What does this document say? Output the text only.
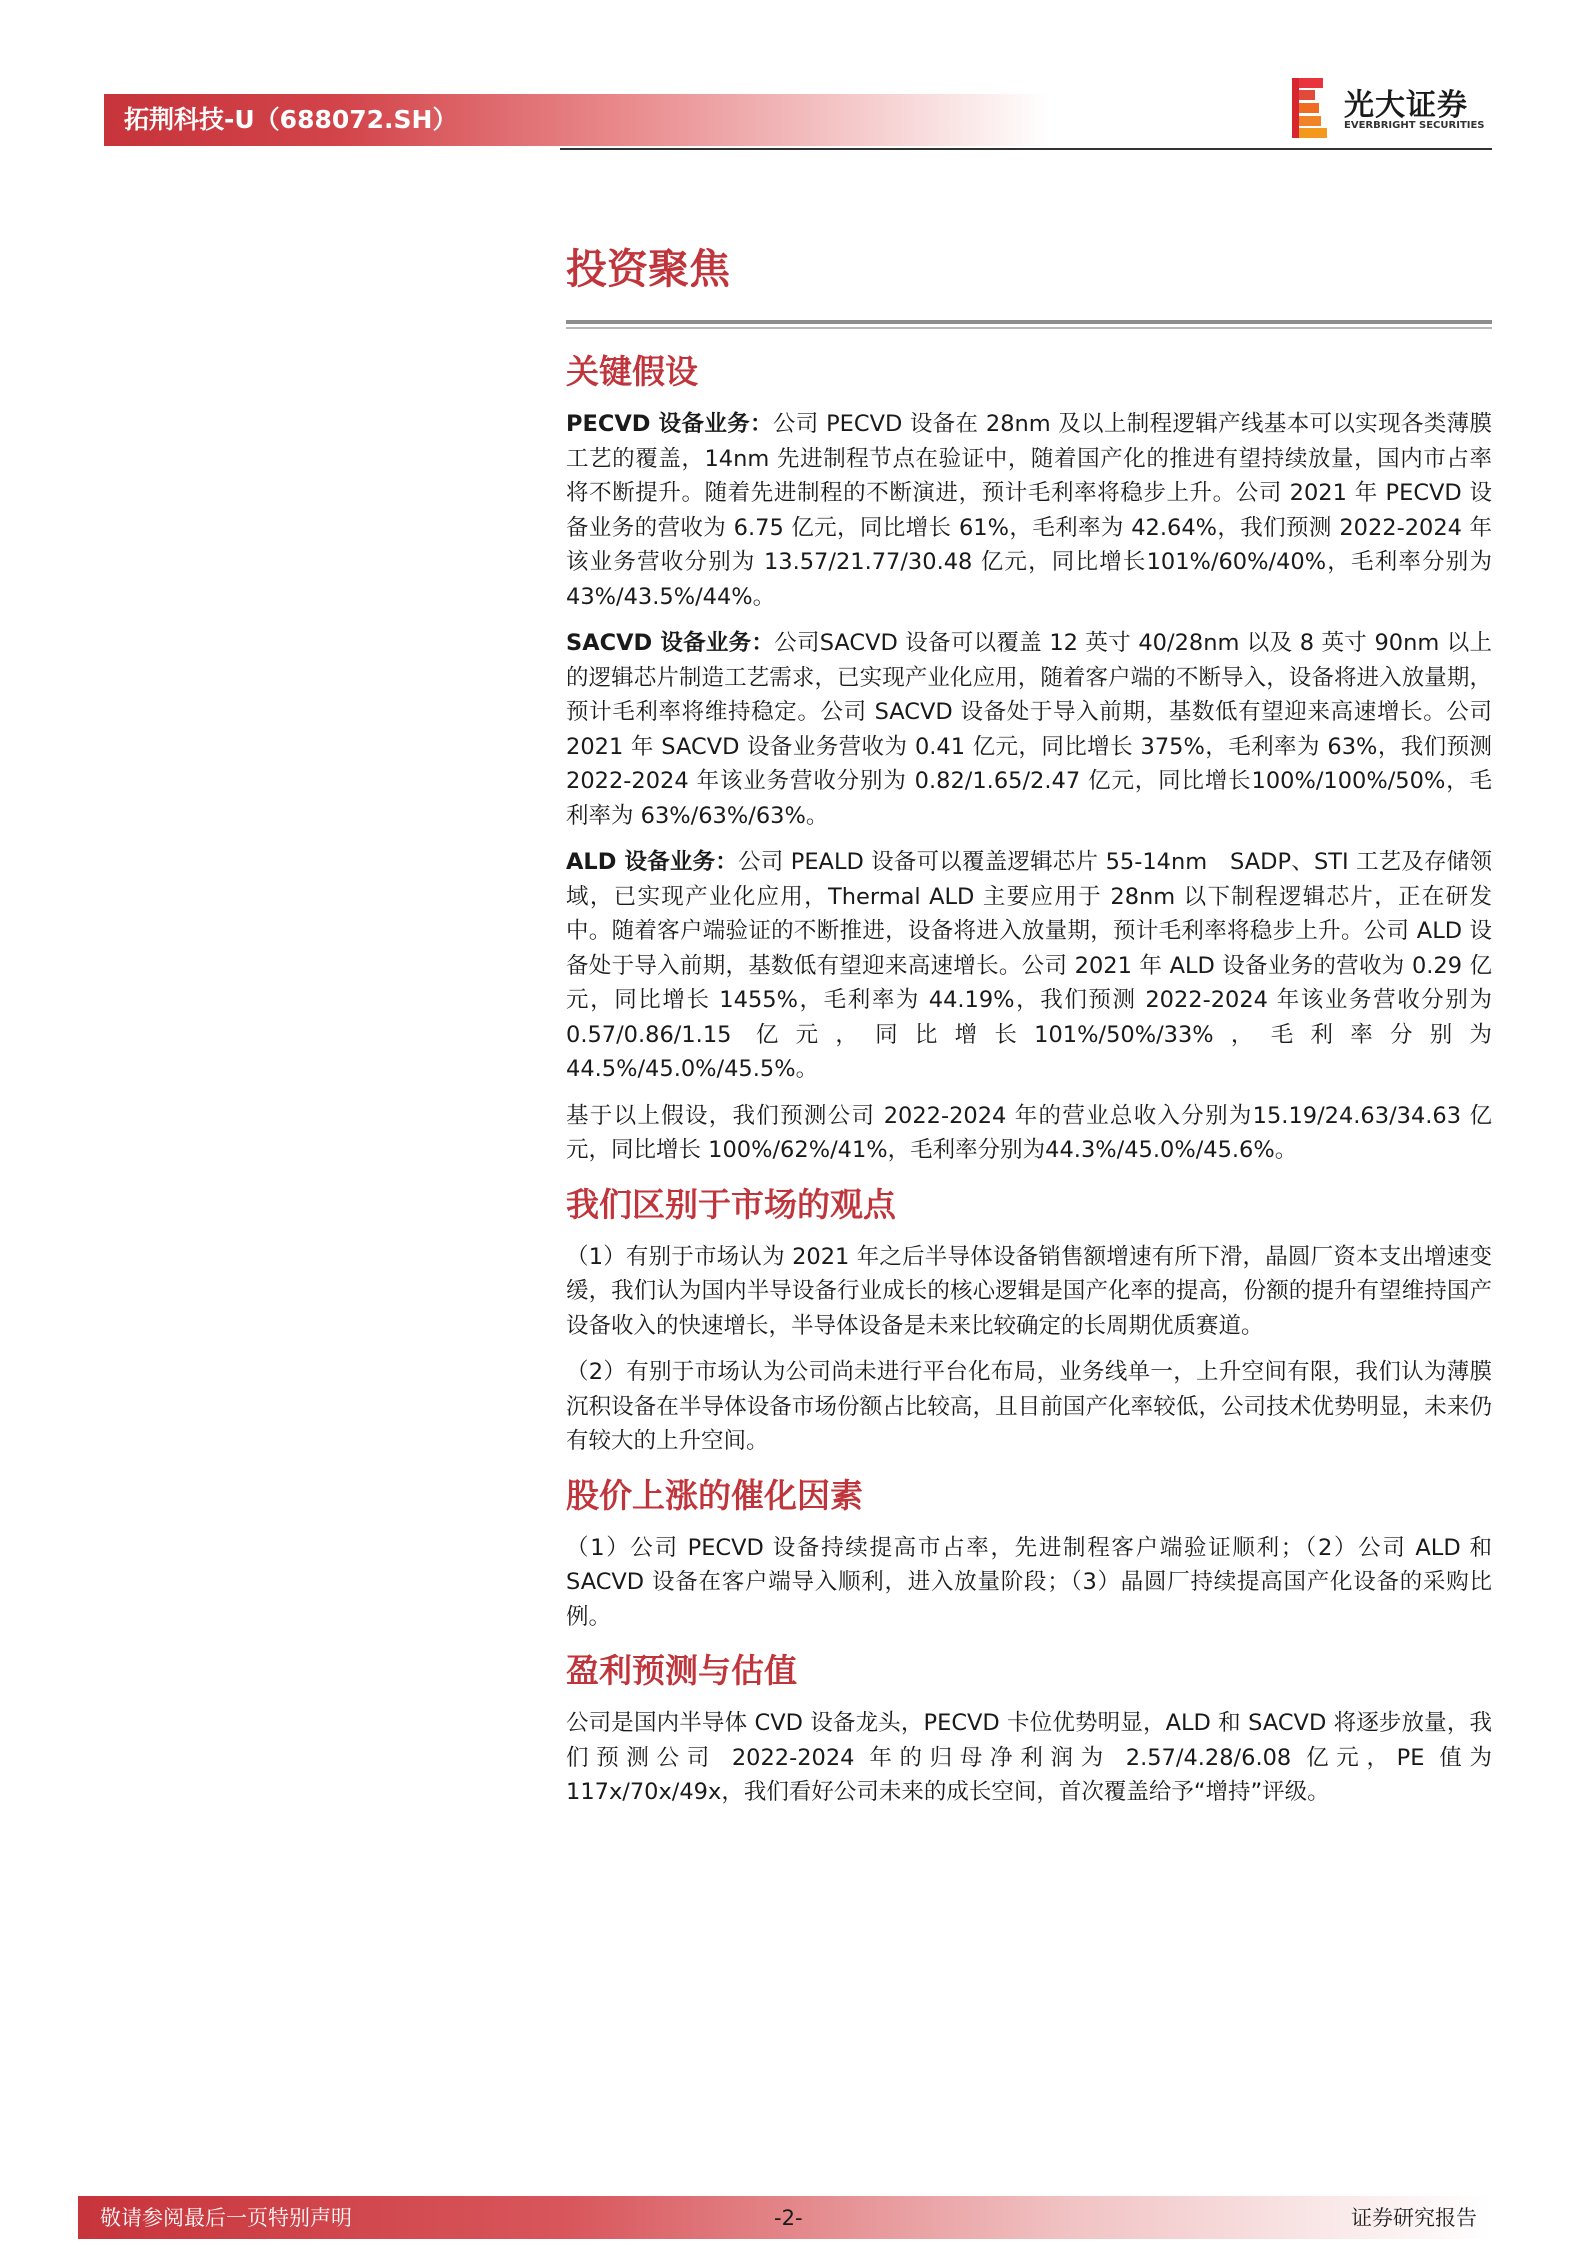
拓荆科技-U（688072.SH）	光大证券
EVERBRIGHT SECURITIES
投资聚焦
关键假设

PECVD 设备业务：公司 PECVD 设备在 28nm 及以上制程逻辑产线基本可以实现各类薄膜工艺的覆盖，14nm 先进制程节点在验证中，随着国产化的推进有望持续放量，国内市占率将不断提升。随着先进制程的不断演进，预计毛利率将稳步上升。公司 2021 年 PECVD 设备业务的营收为 6.75 亿元，同比增长 61%，毛利率为 42.64%，我们预测 2022-2024 年该业务营收分别为 13.57/21.77/30.48 亿元，同比增长101%/60%/40%，毛利率分别为 43%/43.5%/44%。

SACVD 设备业务：公司SACVD 设备可以覆盖 12 英寸 40/28nm 以及 8 英寸 90nm 以上的逻辑芯片制造工艺需求，已实现产业化应用，随着客户端的不断导入，设备将进入放量期，预计毛利率将维持稳定。公司 SACVD 设备处于导入前期，基数低有望迎来高速增长。公司 2021 年 SACVD 设备业务营收为 0.41 亿元，同比增长 375%，毛利率为 63%，我们预测 2022-2024 年该业务营收分别为 0.82/1.65/2.47 亿元，同比增长100%/100%/50%，毛利率为 63%/63%/63%。

ALD 设备业务：公司 PEALD 设备可以覆盖逻辑芯片 55-14nm　SADP、STI 工艺及存储领域，已实现产业化应用，Thermal ALD 主要应用于 28nm 以下制程逻辑芯片，正在研发中。随着客户端验证的不断推进，设备将进入放量期，预计毛利率将稳步上升。公司 ALD 设备处于导入前期，基数低有望迎来高速增长。公司 2021 年 ALD 设备业务的营收为 0.29 亿元，同比增长 1455%，毛利率为 44.19%，我们预测 2022-2024 年该业务营收分别为 0.57/0.86/1.15 亿元，同比增长101%/50%/33%，毛利率分别为 44.5%/45.0%/45.5%。

基于以上假设，我们预测公司 2022-2024 年的营业总收入分别为15.19/24.63/34.63 亿元，同比增长 100%/62%/41%，毛利率分别为44.3%/45.0%/45.6%。

我们区别于市场的观点

（1）有别于市场认为 2021 年之后半导体设备销售额增速有所下滑，晶圆厂资本支出增速变缓，我们认为国内半导设备行业成长的核心逻辑是国产化率的提高，份额的提升有望维持国产设备收入的快速增长，半导体设备是未来比较确定的长周期优质赛道。

（2）有别于市场认为公司尚未进行平台化布局，业务线单一，上升空间有限，我们认为薄膜沉积设备在半导体设备市场份额占比较高，且目前国产化率较低，公司技术优势明显，未来仍有较大的上升空间。

股价上涨的催化因素

（1）公司 PECVD 设备持续提高市占率，先进制程客户端验证顺利；（2）公司 ALD 和 SACVD 设备在客户端导入顺利，进入放量阶段；（3）晶圆厂持续提高国产化设备的采购比例。

盈利预测与估值

公司是国内半导体 CVD 设备龙头，PECVD 卡位优势明显，ALD 和 SACVD 将逐步放量，我们预测公司 2022-2024 年的归母净利润为 2.57/4.28/6.08 亿元，PE 值为 117x/70x/49x，我们看好公司未来的成长空间，首次覆盖给予“增持”评级。

敬请参阅最后一页特别声明	-2-	证券研究报告
